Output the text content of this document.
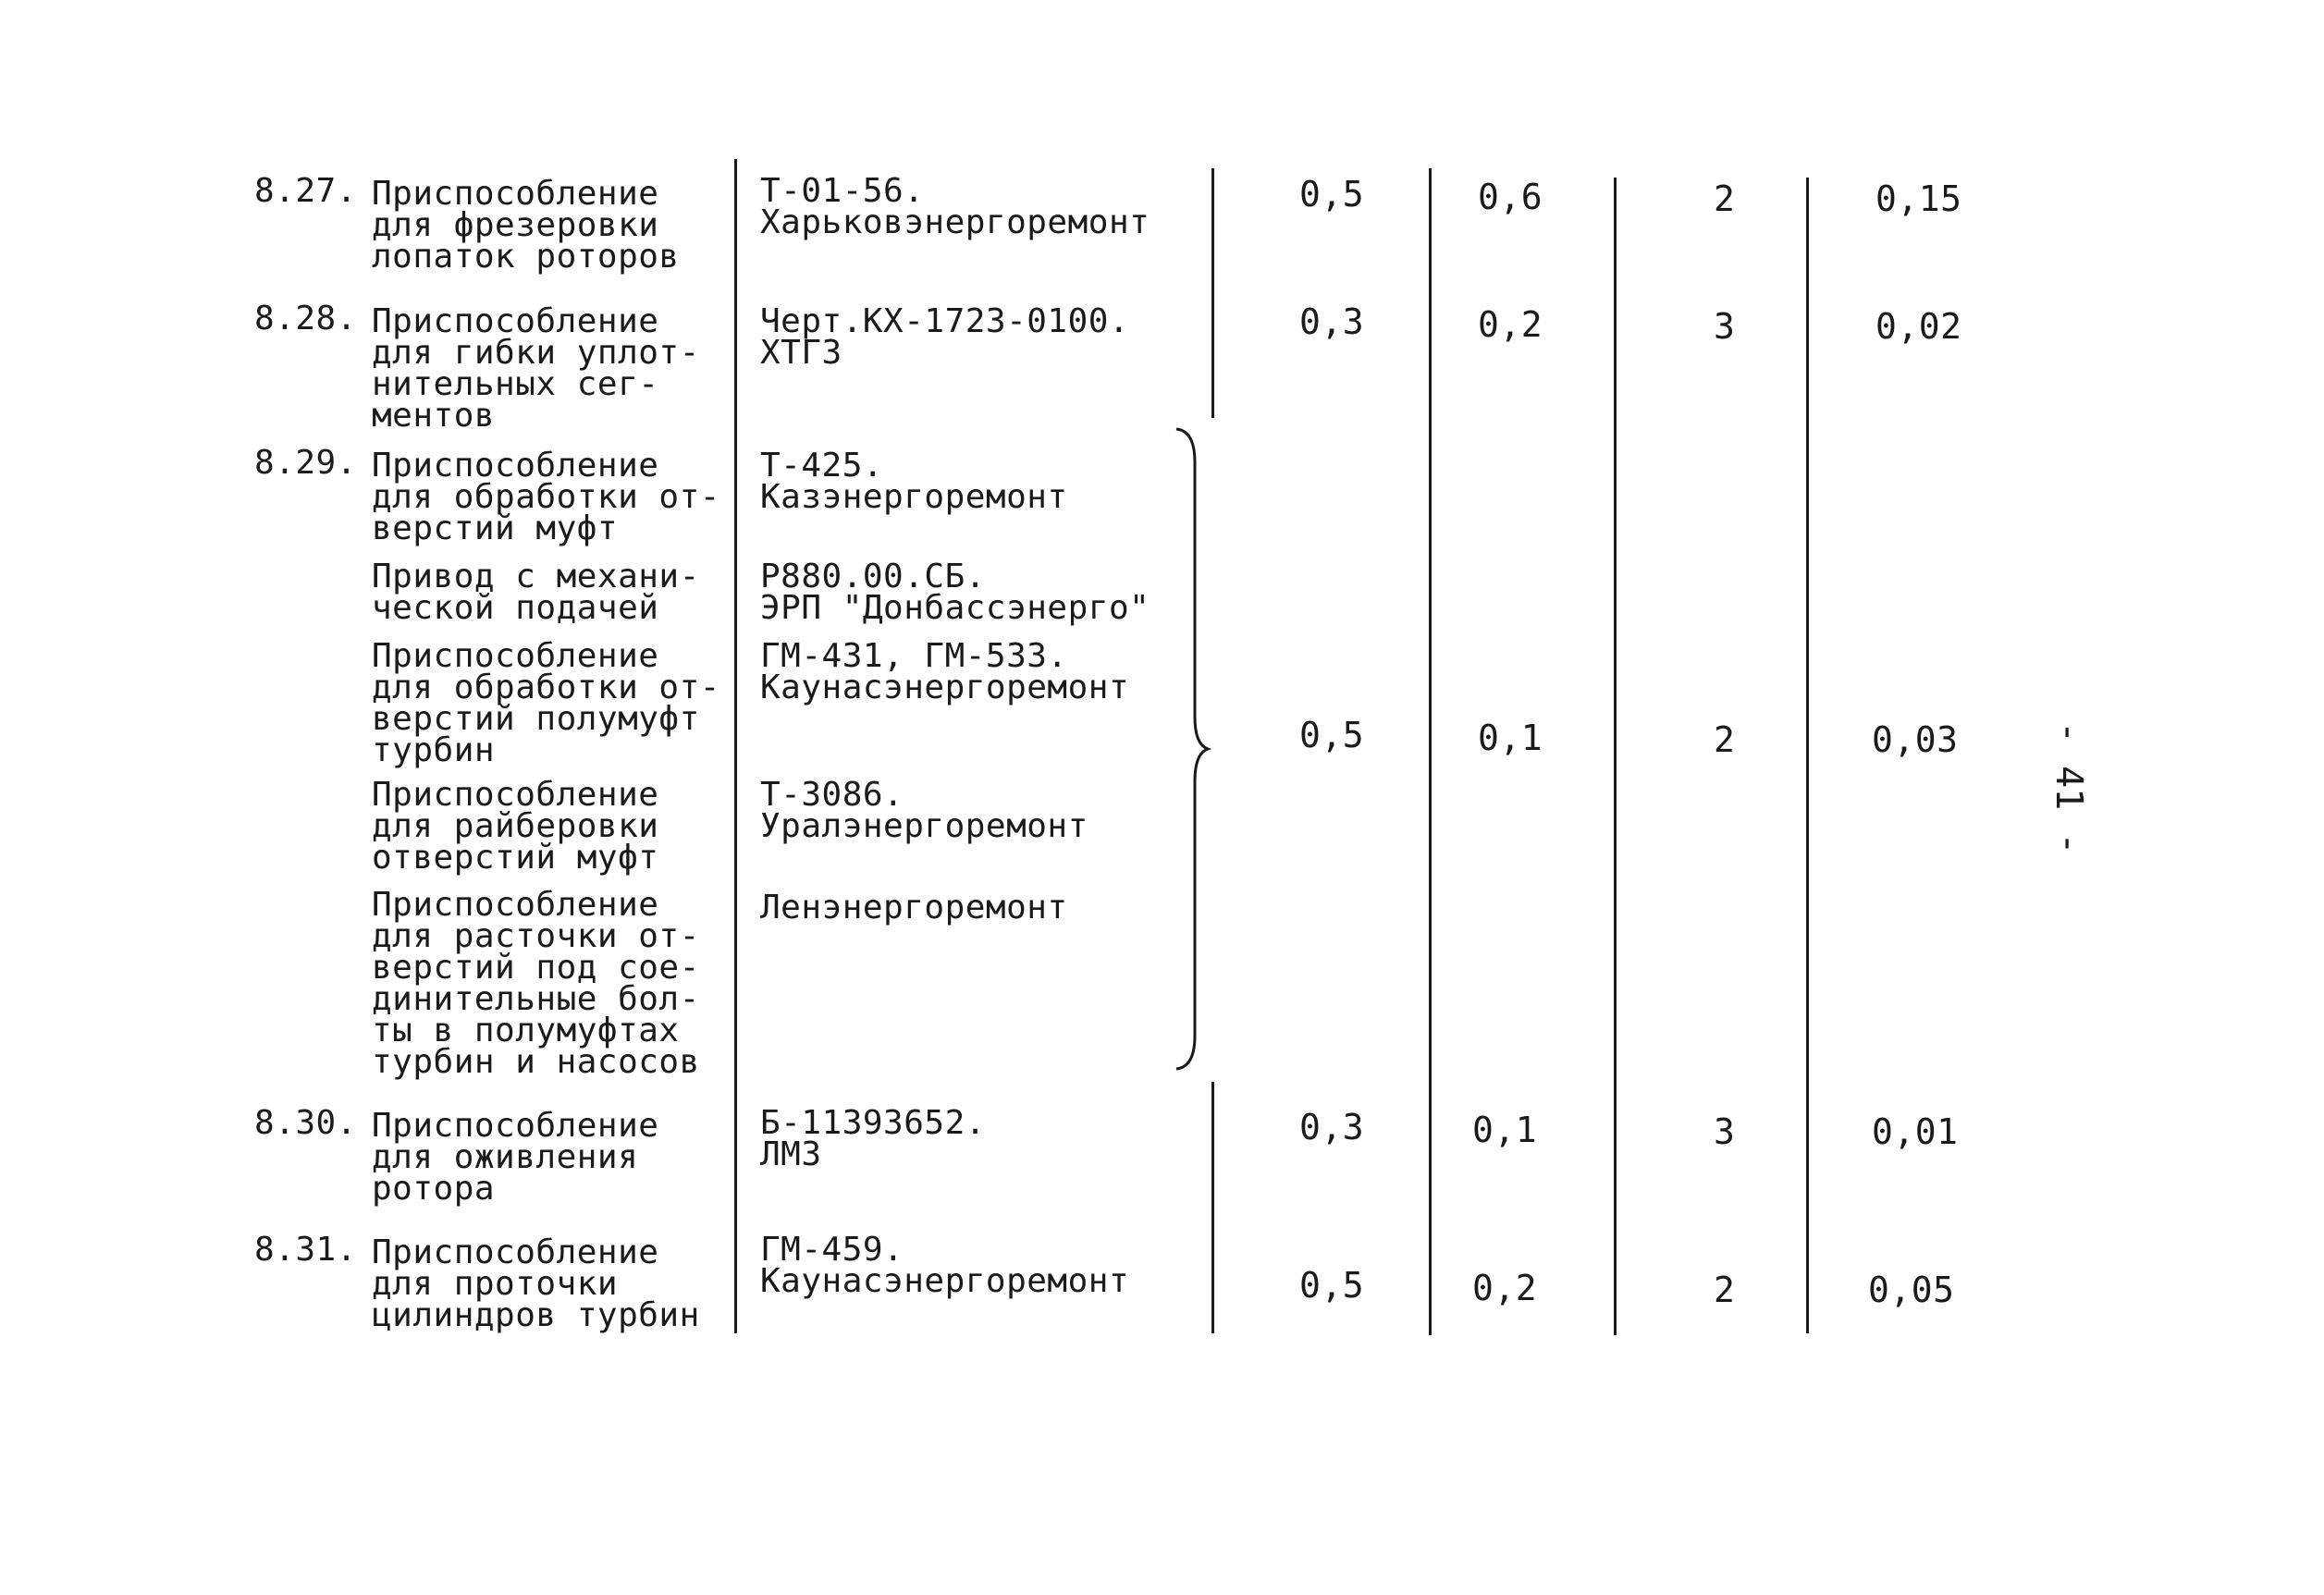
8.27. Приспособление
для фрезеровки
лопаток роторов
Т-01-56.
Харьковэнергоремонт
0,5	0,6	2	0,15
8.28. Приспособление
для гибки уплот-
нительных сег-
ментов
Черт.КХ-1723-0100.
ХТГЗ
0,3	0,2	3	0,02
8.29. Приспособление
для обработки от-
верстий муфт
Т-425.
Казэнергоремонт
Привод с механи-
ческой подачей
Р880.00.СБ.
ЭРП "Донбассэнерго"
Приспособление
для обработки от-
верстий полумуфт
турбин
ГМ-431, ГМ-533.
Каунасэнергоремонт
Приспособление
для райберовки
отверстий муфт
Т-3086.
Уралэнергоремонт
Приспособление
для расточки от-
верстий под сое-
динительные бол-
ты в полумуфтах
турбин и насосов
Ленэнергоремонт
0,5	0,1	2	0,03
8.30. Приспособление
для оживления
ротора
Б-11393652.
ЛМЗ
0,3	0,1	3	0,01
8.31. Приспособление
для проточки
цилиндров турбин
ГМ-459.
Каунасэнергоремонт	0,5	0,2	2	0,05
- 41 -
